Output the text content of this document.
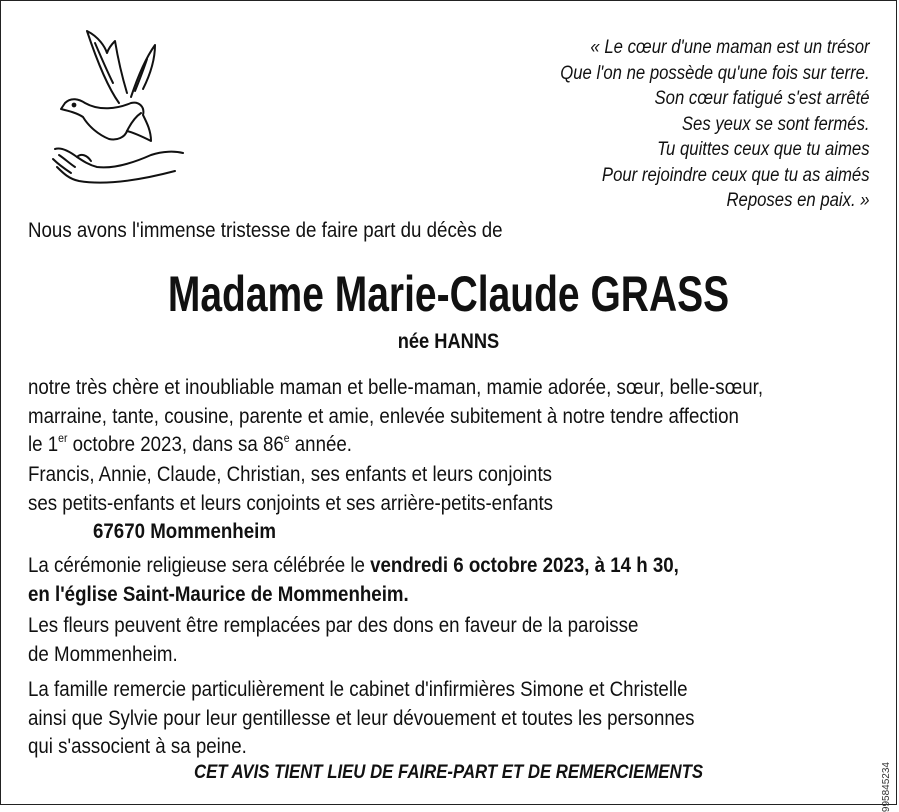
« Le cœur d'une maman est un trésor
Que l'on ne possède qu'une fois sur terre.
Son cœur fatigué s'est arrêté
Ses yeux se sont fermés.
Tu quittes ceux que tu aimes
Pour rejoindre ceux que tu as aimés
Reposes en paix. »
Nous avons l'immense tristesse de faire part du décès de
Madame Marie-Claude GRASS
née HANNS
notre très chère et inoubliable maman et belle-maman, mamie adorée, sœur, belle-sœur,
marraine, tante, cousine, parente et amie, enlevée subitement à notre tendre affection
le 1er octobre 2023, dans sa 86e année.
Francis, Annie, Claude, Christian, ses enfants et leurs conjoints
ses petits-enfants et leurs conjoints et ses arrière-petits-enfants
67670 Mommenheim
La cérémonie religieuse sera célébrée le vendredi 6 octobre 2023, à 14 h 30,
en l'église Saint-Maurice de Mommenheim.
Les fleurs peuvent être remplacées par des dons en faveur de la paroisse
de Mommenheim.
La famille remercie particulièrement le cabinet d'infirmières Simone et Christelle
ainsi que Sylvie pour leur gentillesse et leur dévouement et toutes les personnes
qui s'associent à sa peine.
CET AVIS TIENT LIEU DE FAIRE-PART ET DE REMERCIEMENTS	995845234
